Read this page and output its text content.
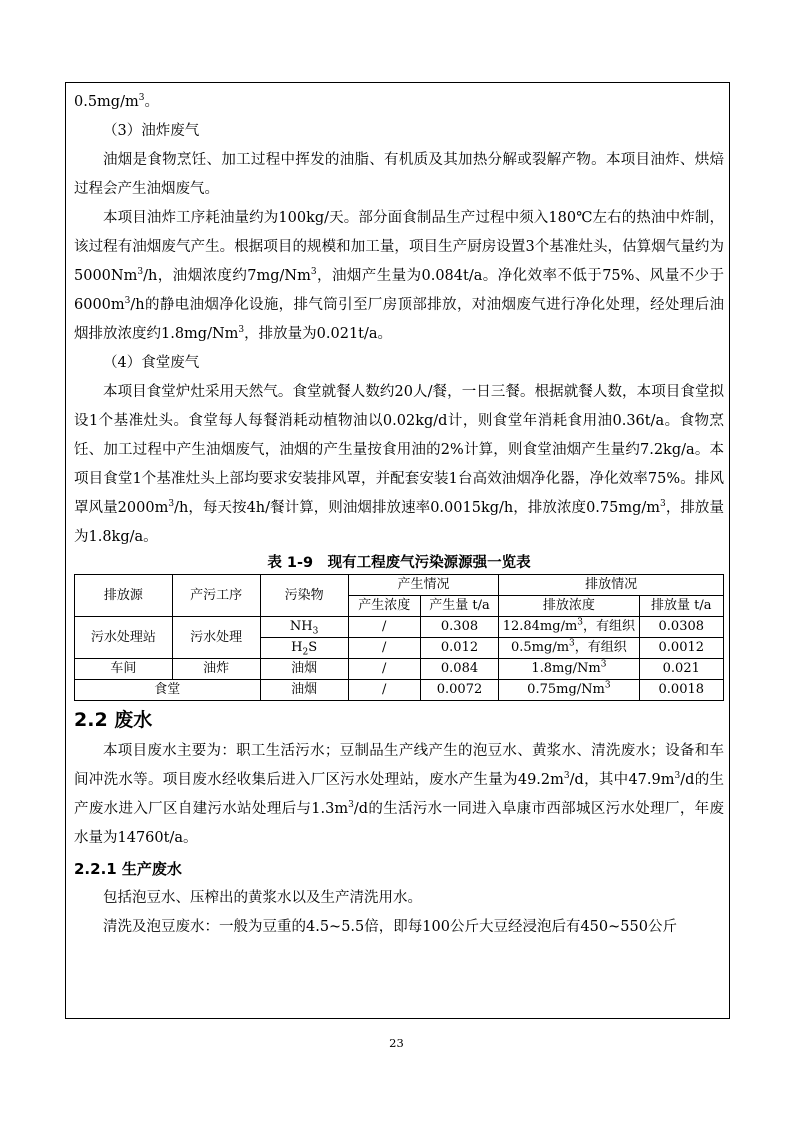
$0.5mg/m^3$。

（3）油炸废气

油烟是食物烹饪、加工过程中挥发的油脂、有机质及其加热分解或裂解产物。本项目油炸、烘焙过程会产生油烟废气。

本项目油炸工序耗油量约为100kg/天。部分面食制品生产过程中须入180℃左右的热油中炸制，该过程有油烟废气产生。根据项目的规模和加工量，项目生产厨房设置3个基准灶头，估算烟气量约为5000Nm$^3$/h，油烟浓度约7mg/Nm$^3$，油烟产生量为0.084t/a。净化效率不低于75%、风量不少于$6000m^3/h$的静电油烟净化设施，排气筒引至厂房顶部排放，对油烟废气进行净化处理，经处理后油烟排放浓度约1.8mg/Nm$^3$，排放量为0.021t/a。

（4）食堂废气

本项目食堂炉灶采用天然气。食堂就餐人数约20人/餐，一日三餐。根据就餐人数，本项目食堂拟设1个基准灶头。食堂每人每餐消耗动植物油以0.02kg/d计，则食堂年消耗食用油0.36t/a。食物烹饪、加工过程中产生油烟废气，油烟的产生量按食用油的2%计算，则食堂油烟产生量约7.2kg/a。本项目食堂1个基准灶头上部均要求安装排风罩，并配套安装1台高效油烟净化器，净化效率75%。排风罩风量$2000m^3/h$，每天按4h/餐计算，则油烟排放速率0.0015kg/h，排放浓度$0.75mg/m^3$，排放量为1.8kg/a。

表 1-9　现有工程废气污染源源强一览表
排放源	产污工序	污染物	产生情况		排放情况	
			产生浓度	产生量 t/a	排放浓度	排放量 t/a
污水处理站	污水处理	$NH_3$	/	0.308	$12.84mg/m^3$，有组织	0.0308
		$H_2S$	/	0.012	$0.5mg/m^3$，有组织	0.0012
车间	油炸	油烟	/	0.084	1.8mg/Nm$^3$	0.021
食堂		油烟	/	0.0072	0.75mg/Nm$^3$	0.0018
2.2 废水

本项目废水主要为：职工生活污水；豆制品生产线产生的泡豆水、黄浆水、清洗废水；设备和车间冲洗水等。项目废水经收集后进入厂区污水处理站，废水产生量为$49.2m^3/d$，其中$47.9m^3/d$的生产废水进入厂区自建污水站处理后与$1.3m^3/d$的生活污水一同进入阜康市西部城区污水处理厂，年废水量为14760t/a。

2.2.1 生产废水

包括泡豆水、压榨出的黄浆水以及生产清洗用水。

清洗及泡豆废水：一般为豆重的4.5~5.5倍，即每100公斤大豆经浸泡后有450~550公斤

23
